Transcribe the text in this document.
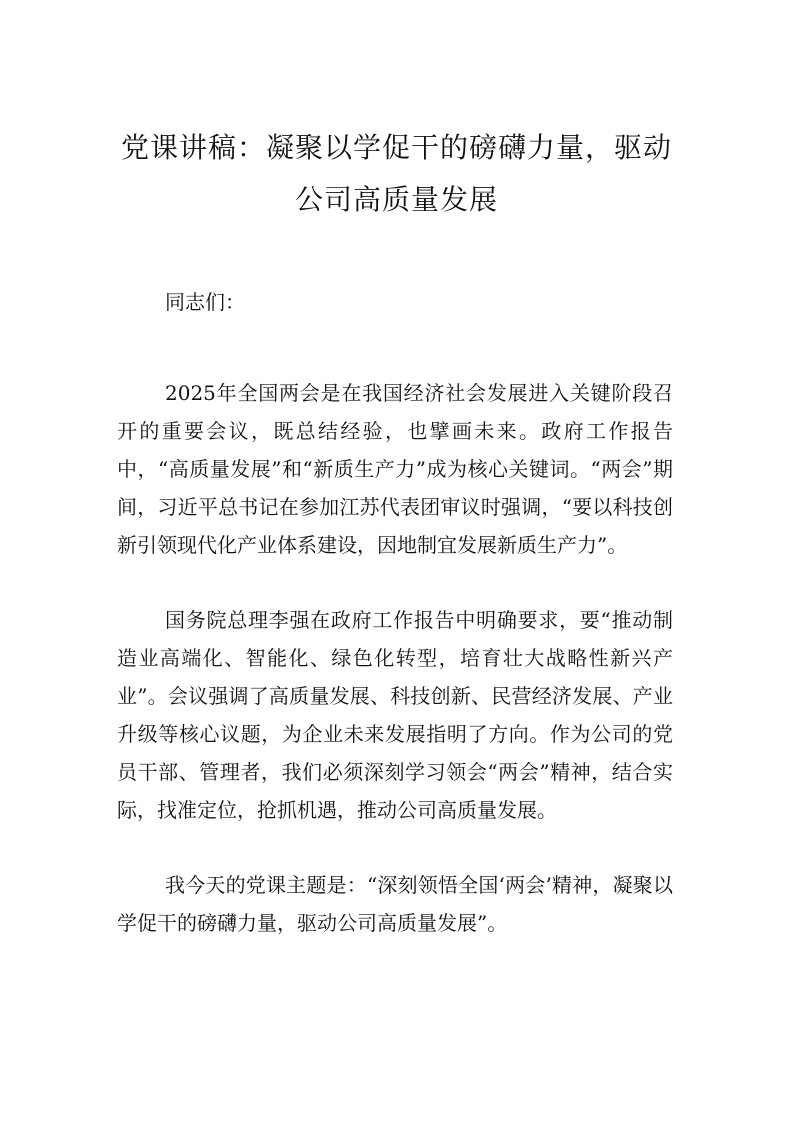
党课讲稿：凝聚以学促干的磅礴力量，驱动
公司高质量发展

同志们：

2025年全国两会是在我国经济社会发展进入关键阶段召开的重要会议，既总结经验，也擘画未来。政府工作报告中，“高质量发展”和“新质生产力”成为核心关键词。“两会”期间，习近平总书记在参加江苏代表团审议时强调，“要以科技创新引领现代化产业体系建设，因地制宜发展新质生产力”。

国务院总理李强在政府工作报告中明确要求，要“推动制造业高端化、智能化、绿色化转型，培育壮大战略性新兴产业”。会议强调了高质量发展、科技创新、民营经济发展、产业升级等核心议题，为企业未来发展指明了方向。作为公司的党员干部、管理者，我们必须深刻学习领会“两会”精神，结合实际，找准定位，抢抓机遇，推动公司高质量发展。

我今天的党课主题是：“深刻领悟全国‘两会’精神，凝聚以学促干的磅礴力量，驱动公司高质量发展”。
